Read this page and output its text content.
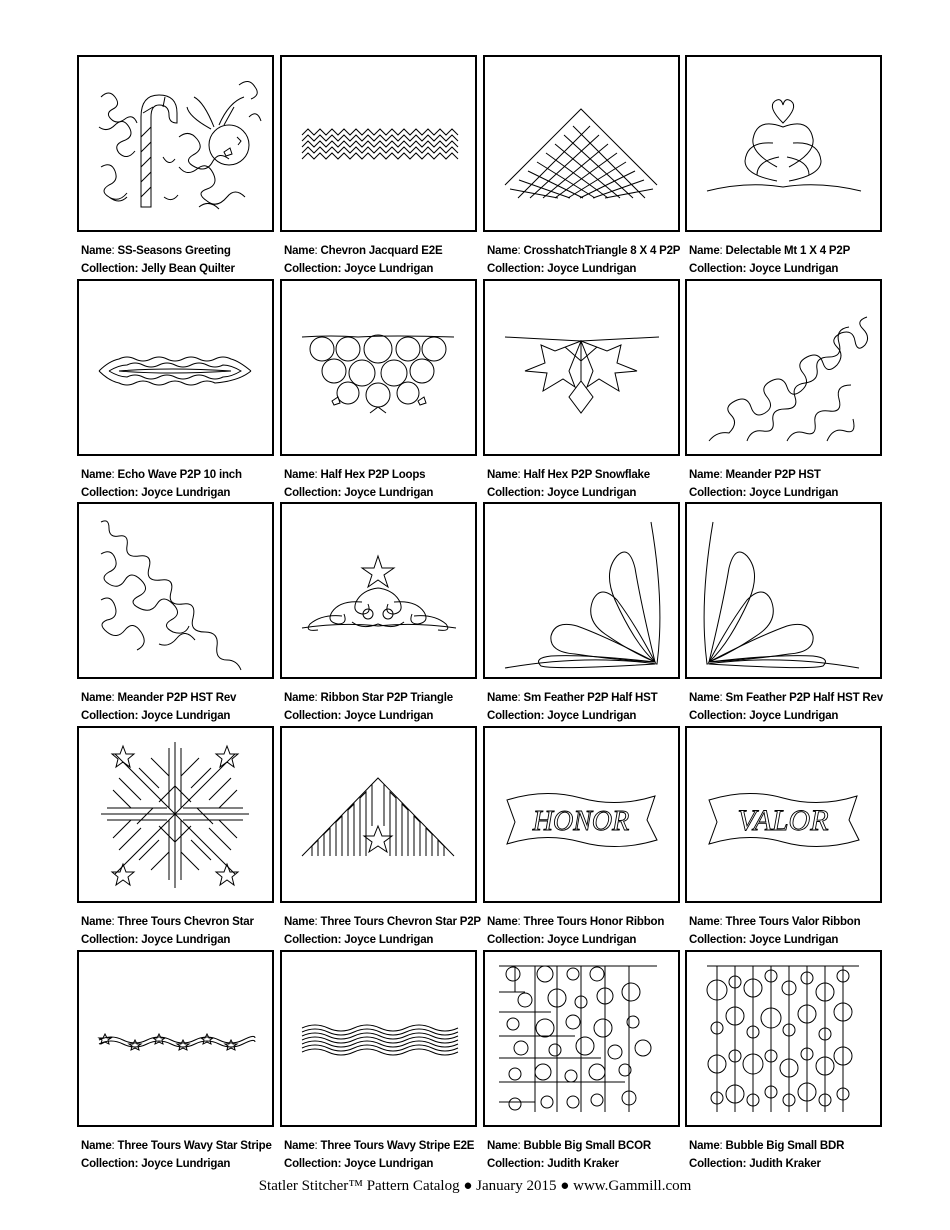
Name: SS-Seasons Greeting
Collection: Jelly Bean Quilter
Name: Chevron Jacquard E2E
Collection: Joyce Lundrigan
Name: CrosshatchTriangle 8 X 4 P2P
Collection: Joyce Lundrigan
Name: Delectable Mt 1 X 4 P2P
Collection: Joyce Lundrigan
Name: Echo Wave P2P 10 inch
Collection: Joyce Lundrigan
Name: Half Hex P2P Loops
Collection: Joyce Lundrigan
Name: Half Hex P2P Snowflake
Collection: Joyce Lundrigan
Name: Meander P2P HST
Collection: Joyce Lundrigan
Name: Meander P2P HST Rev
Collection: Joyce Lundrigan
Name: Ribbon Star P2P Triangle
Collection: Joyce Lundrigan
Name: Sm Feather P2P Half HST
Collection: Joyce Lundrigan
Name: Sm Feather P2P Half HST Rev
Collection: Joyce Lundrigan
Name: Three Tours Chevron Star
Collection: Joyce Lundrigan
Name: Three Tours Chevron Star P2P
Collection: Joyce Lundrigan
HONOR
Name: Three Tours Honor Ribbon
Collection: Joyce Lundrigan
VALOR
Name: Three Tours Valor Ribbon
Collection: Joyce Lundrigan
Name: Three Tours Wavy Star Stripe
Collection: Joyce Lundrigan
Name: Three Tours Wavy Stripe E2E
Collection: Joyce Lundrigan
Name: Bubble Big Small BCOR
Collection: Judith Kraker
Name: Bubble Big Small BDR
Collection: Judith Kraker
Statler Stitcher™ Pattern Catalog ● January 2015 ● www.Gammill.com
